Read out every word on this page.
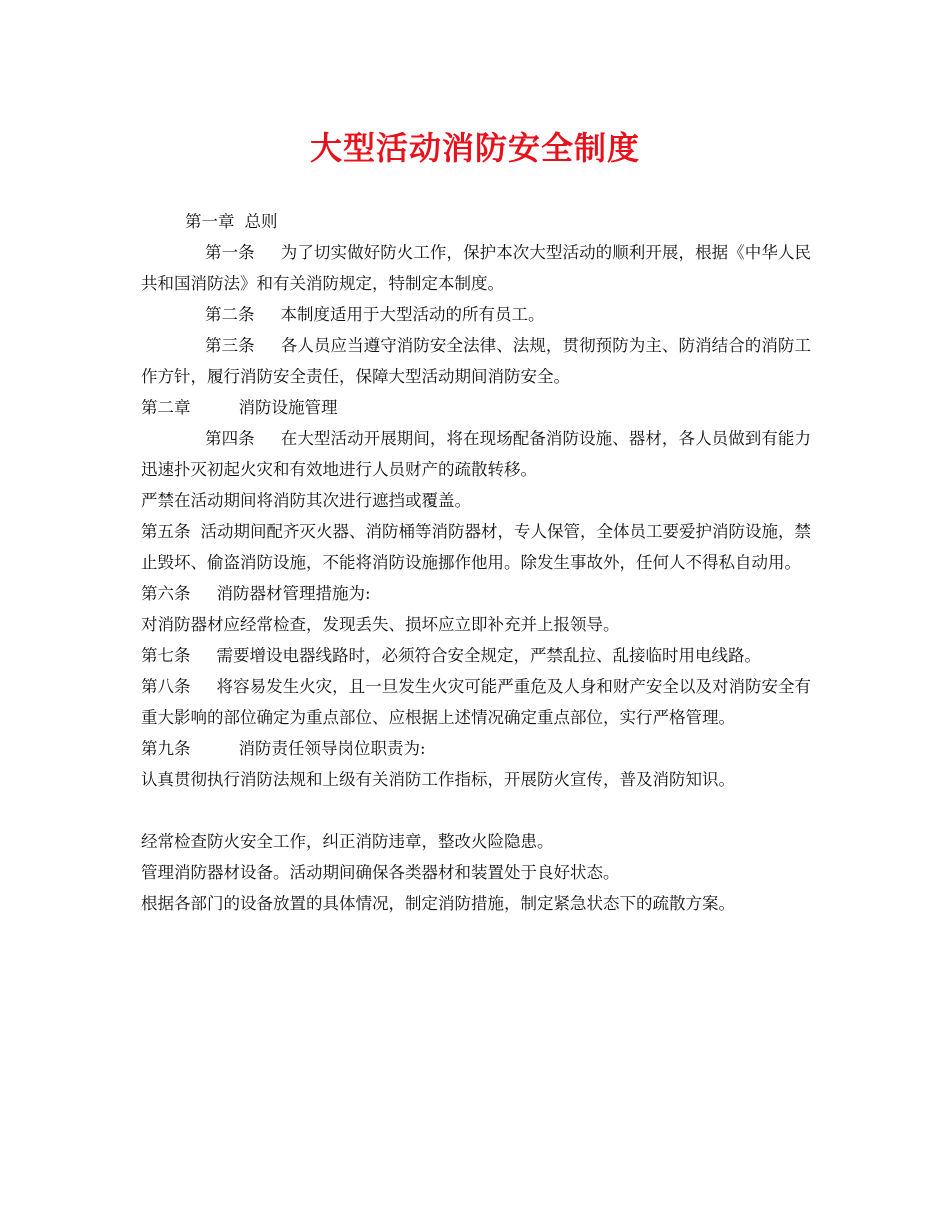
大型活动消防安全制度

第一章 总则

第一条 为了切实做好防火工作，保护本次大型活动的顺利开展，根据《中华人民共和国消防法》和有关消防规定，特制定本制度。

第二条 本制度适用于大型活动的所有员工。

第三条 各人员应当遵守消防安全法律、法规，贯彻预防为主、防消结合的消防工作方针，履行消防安全责任，保障大型活动期间消防安全。

第二章	消防设施管理

第四条 在大型活动开展期间，将在现场配备消防设施、器材，各人员做到有能力迅速扑灭初起火灾和有效地进行人员财产的疏散转移。

严禁在活动期间将消防其次进行遮挡或覆盖。

第五条 活动期间配齐灭火器、消防桶等消防器材，专人保管，全体员工要爱护消防设施，禁止毁坏、偷盗消防设施，不能将消防设施挪作他用。除发生事故外，任何人不得私自动用。

第六条 消防器材管理措施为:

对消防器材应经常检查，发现丢失、损坏应立即补充并上报领导。

第七条 需要增设电器线路时，必须符合安全规定，严禁乱拉、乱接临时用电线路。

第八条 将容易发生火灾，且一旦发生火灾可能严重危及人身和财产安全以及对消防安全有重大影响的部位确定为重点部位、应根据上述情况确定重点部位，实行严格管理。

第九条	消防责任领导岗位职责为:

认真贯彻执行消防法规和上级有关消防工作指标，开展防火宣传，普及消防知识。

经常检查防火安全工作，纠正消防违章，整改火险隐患。

管理消防器材设备。活动期间确保各类器材和装置处于良好状态。

根据各部门的设备放置的具体情况，制定消防措施，制定紧急状态下的疏散方案。
